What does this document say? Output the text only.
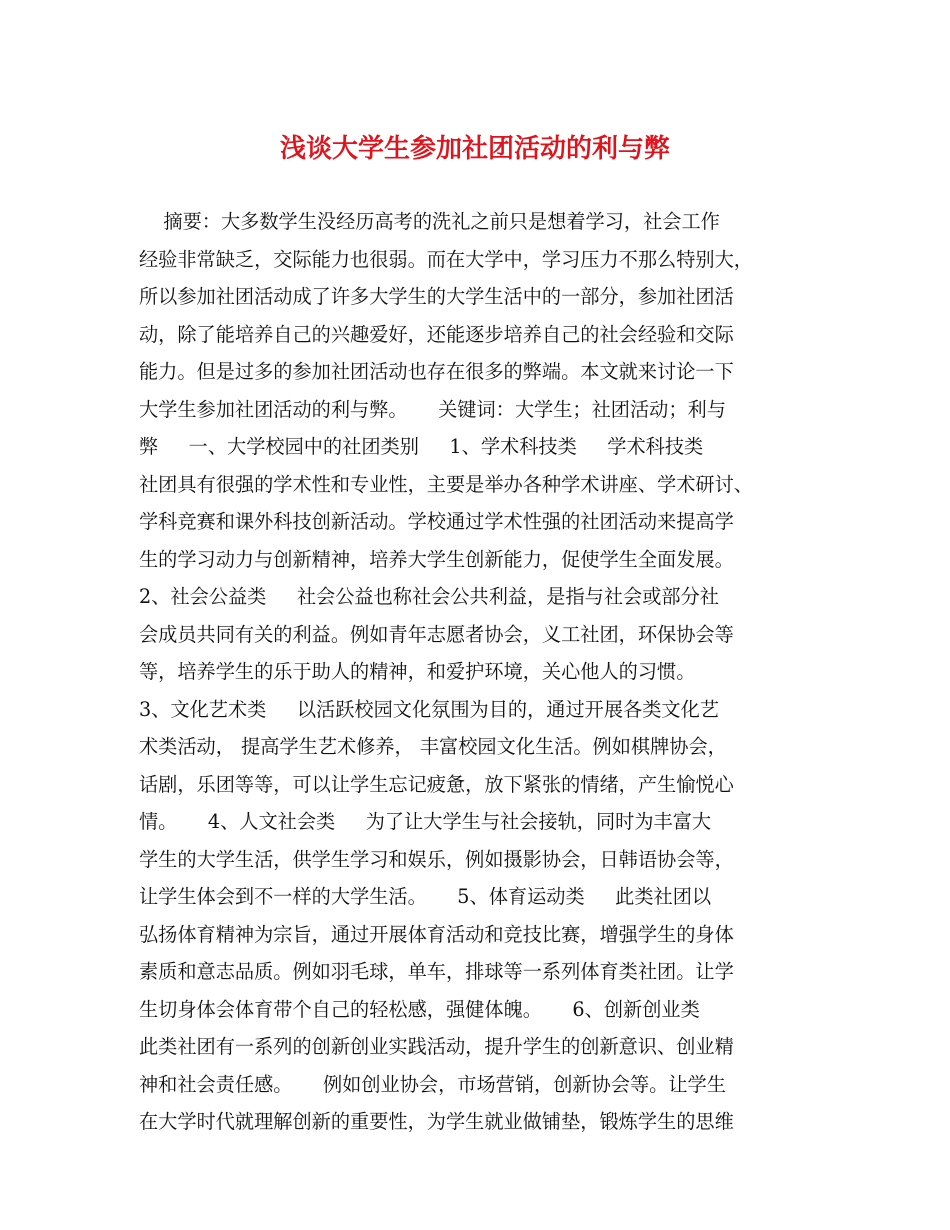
浅谈大学生参加社团活动的利与弊
摘要：大多数学生没经历高考的洗礼之前只是想着学习，社会工作
经验非常缺乏，交际能力也很弱。而在大学中，学习压力不那么特别大，
所以参加社团活动成了许多大学生的大学生活中的一部分，参加社团活
动，除了能培养自己的兴趣爱好，还能逐步培养自己的社会经验和交际
能力。但是过多的参加社团活动也存在很多的弊端。本文就来讨论一下
大学生参加社团活动的利与弊。     关键词：大学生；社团活动；利与
弊     一、大学校园中的社团类别     1、学术科技类     学术科技类
社团具有很强的学术性和专业性，主要是举办各种学术讲座、学术研讨、
学科竞赛和课外科技创新活动。学校通过学术性强的社团活动来提高学
生的学习动力与创新精神，培养大学生创新能力，促使学生全面发展。
2、社会公益类     社会公益也称社会公共利益，是指与社会或部分社
会成员共同有关的利益。例如青年志愿者协会，义工社团，环保协会等
等，培养学生的乐于助人的精神，和爱护环境，关心他人的习惯。
3、文化艺术类     以活跃校园文化氛围为目的，通过开展各类文化艺
术类活动， 提高学生艺术修养， 丰富校园文化生活。例如棋牌协会，
话剧，乐团等等，可以让学生忘记疲惫，放下紧张的情绪，产生愉悦心
情。     4、人文社会类     为了让大学生与社会接轨，同时为丰富大
学生的大学生活，供学生学习和娱乐，例如摄影协会，日韩语协会等，
让学生体会到不一样的大学生活。     5、体育运动类     此类社团以
弘扬体育精神为宗旨，通过开展体育活动和竞技比赛，增强学生的身体
素质和意志品质。例如羽毛球，单车，排球等一系列体育类社团。让学
生切身体会体育带个自己的轻松感，强健体魄。     6、创新创业类
此类社团有一系列的创新创业实践活动，提升学生的创新意识、创业精
神和社会责任感。     例如创业协会，市场营销，创新协会等。让学生
在大学时代就理解创新的重要性，为学生就业做铺垫，锻炼学生的思维
